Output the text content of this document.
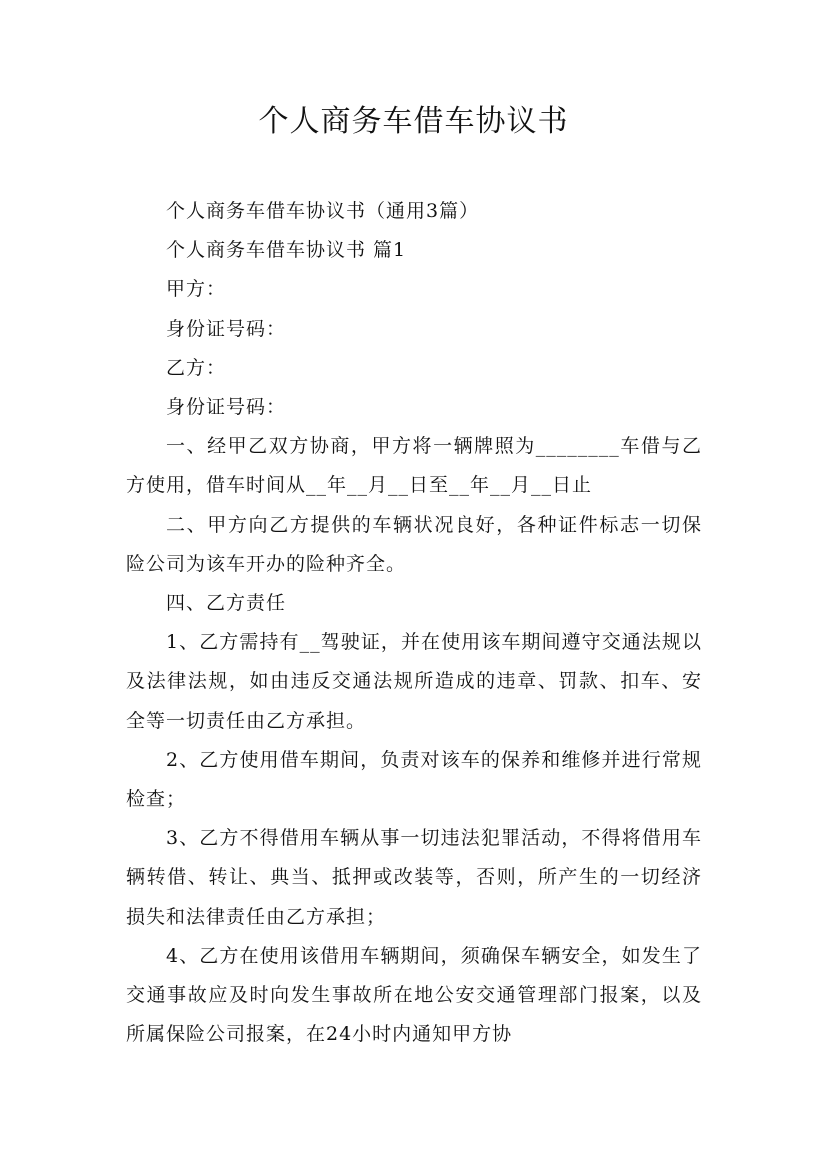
个人商务车借车协议书

个人商务车借车协议书（通用3篇）

个人商务车借车协议书 篇1

甲方：

身份证号码：

乙方：

身份证号码：

一、经甲乙双方协商，甲方将一辆牌照为________车借与乙方使用，借车时间从__年__月__日至__年__月__日止

二、甲方向乙方提供的车辆状况良好，各种证件标志一切保险公司为该车开办的险种齐全。

四、乙方责任

1、乙方需持有__驾驶证，并在使用该车期间遵守交通法规以及法律法规，如由违反交通法规所造成的违章、罚款、扣车、安全等一切责任由乙方承担。

2、乙方使用借车期间，负责对该车的保养和维修并进行常规检查；

3、乙方不得借用车辆从事一切违法犯罪活动，不得将借用车辆转借、转让、典当、抵押或改装等，否则，所产生的一切经济损失和法律责任由乙方承担；

4、乙方在使用该借用车辆期间，须确保车辆安全，如发生了交通事故应及时向发生事故所在地公安交通管理部门报案，以及所属保险公司报案，在24小时内通知甲方协
